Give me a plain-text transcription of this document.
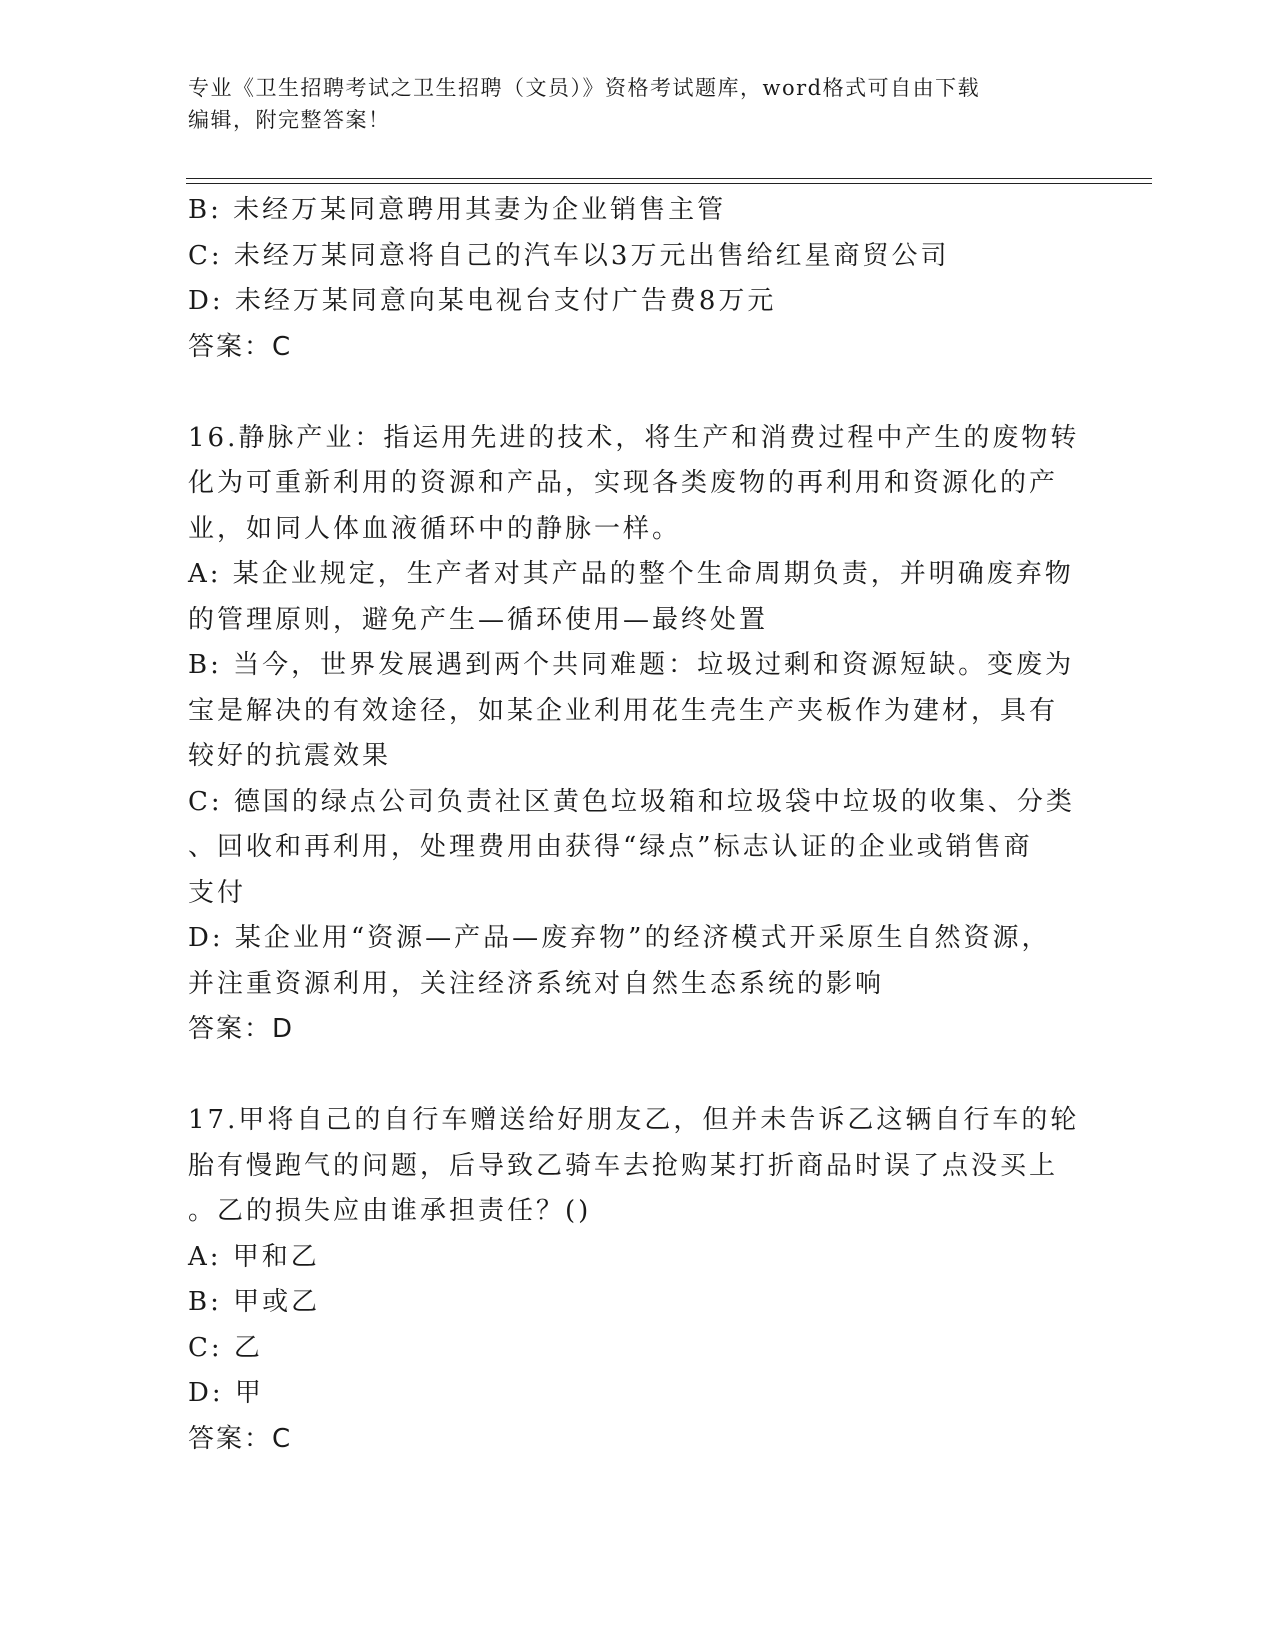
专业《卫生招聘考试之卫生招聘（文员）》资格考试题库，word格式可自由下载
编辑，附完整答案！
B: 未经万某同意聘用其妻为企业销售主管
C: 未经万某同意将自己的汽车以3万元出售给红星商贸公司
D: 未经万某同意向某电视台支付广告费8万元
答案：C
16.静脉产业：指运用先进的技术，将生产和消费过程中产生的废物转
化为可重新利用的资源和产品，实现各类废物的再利用和资源化的产
业，如同人体血液循环中的静脉一样。
A: 某企业规定，生产者对其产品的整个生命周期负责，并明确废弃物
的管理原则，避免产生—循环使用—最终处置
B: 当今，世界发展遇到两个共同难题：垃圾过剩和资源短缺。变废为
宝是解决的有效途径，如某企业利用花生壳生产夹板作为建材，具有
较好的抗震效果
C: 德国的绿点公司负责社区黄色垃圾箱和垃圾袋中垃圾的收集、分类
、回收和再利用，处理费用由获得“绿点”标志认证的企业或销售商
支付
D: 某企业用“资源—产品—废弃物”的经济模式开采原生自然资源，
并注重资源利用，关注经济系统对自然生态系统的影响
答案：D
17.甲将自己的自行车赠送给好朋友乙，但并未告诉乙这辆自行车的轮
胎有慢跑气的问题，后导致乙骑车去抢购某打折商品时误了点没买上
。乙的损失应由谁承担责任？()
A: 甲和乙
B: 甲或乙
C: 乙
D: 甲
答案：C
